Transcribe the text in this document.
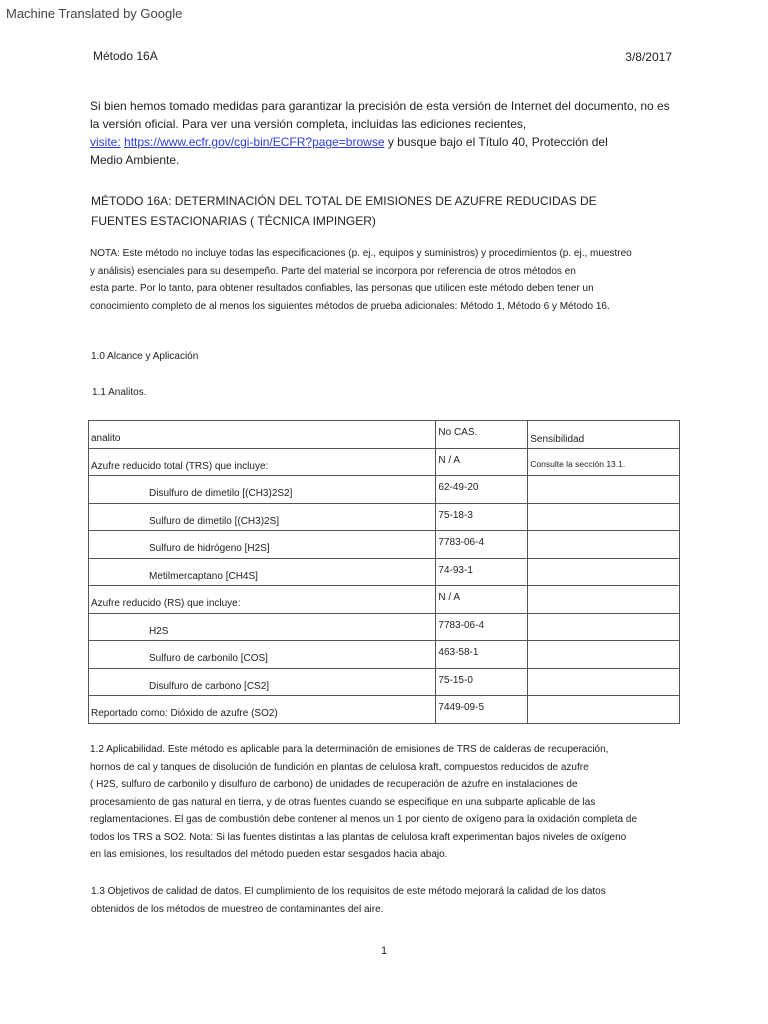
Machine Translated by Google
Método 16A	3/8/2017
Si bien hemos tomado medidas para garantizar la precisión de esta versión de Internet del documento, no es
la versión oficial. Para ver una versión completa, incluidas las ediciones recientes,
visite: https://www.ecfr.gov/cgi-bin/ECFR?page=browse y busque bajo el Título 40, Protección del
Medio Ambiente.
MÉTODO 16A: DETERMINACIÓN DEL TOTAL DE EMISIONES DE AZUFRE REDUCIDAS DE
FUENTES ESTACIONARIAS ( TÉCNICA IMPINGER)
NOTA: Este método no incluye todas las especificaciones (p. ej., equipos y suministros) y procedimientos (p. ej., muestreo
y análisis) esenciales para su desempeño. Parte del material se incorpora por referencia de otros métodos en
esta parte. Por lo tanto, para obtener resultados confiables, las personas que utilicen este método deben tener un
conocimiento completo de al menos los siguientes métodos de prueba adicionales: Método 1, Método 6 y Método 16.
1.0 Alcance y Aplicación
1.1 Analitos.
analito	No CAS.	Sensibilidad

Azufre reducido total (TRS) que incluye:	N / A	Consulte la sección 13.1.

Disulfuro de dimetilo [(CH3)2S2]	62-49-20	

Sulfuro de dimetilo [(CH3)2S]	75-18-3	

Sulfuro de hidrógeno [H2S]	7783-06-4	

Metilmercaptano [CH4S]	74-93-1	

Azufre reducido (RS) que incluye:	N / A	

H2S	7783-06-4	

Sulfuro de carbonilo [COS]	463-58-1	

Disulfuro de carbono [CS2]	75-15-0	

Reportado como: Dióxido de azufre (SO2)	7449-09-5	
1.2 Aplicabilidad. Este método es aplicable para la determinación de emisiones de TRS de calderas de recuperación,
hornos de cal y tanques de disolución de fundición en plantas de celulosa kraft, compuestos reducidos de azufre
( H2S, sulfuro de carbonilo y disulfuro de carbono) de unidades de recuperación de azufre en instalaciones de
procesamiento de gas natural en tierra, y de otras fuentes cuando se especifique en una subparte aplicable de las
reglamentaciones. El gas de combustión debe contener al menos un 1 por ciento de oxígeno para la oxidación completa de
todos los TRS a SO2. Nota: Si las fuentes distintas a las plantas de celulosa kraft experimentan bajos niveles de oxígeno
en las emisiones, los resultados del método pueden estar sesgados hacia abajo.
1.3 Objetivos de calidad de datos. El cumplimiento de los requisitos de este método mejorará la calidad de los datos
obtenidos de los métodos de muestreo de contaminantes del aire.
1
